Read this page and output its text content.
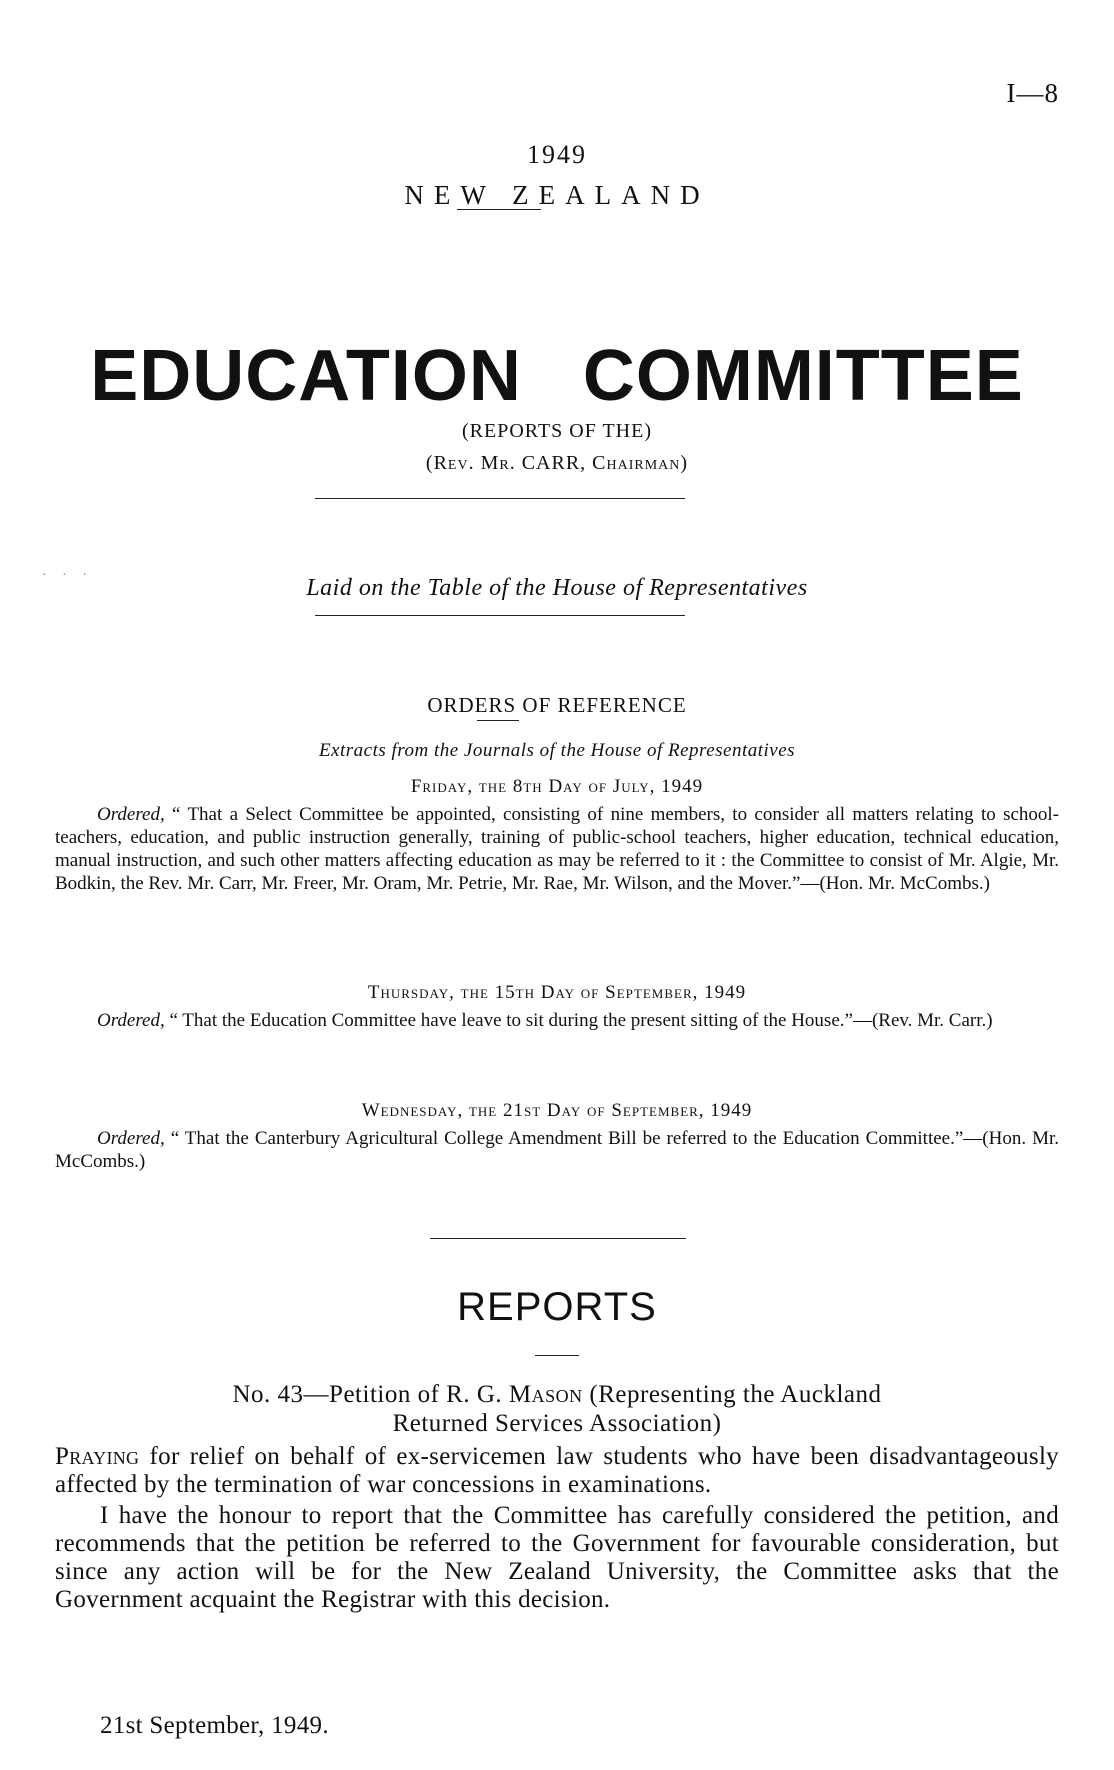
I—8
1949
NEW ZEALAND
EDUCATION COMMITTEE
(REPORTS OF THE)
(Rev. Mr. CARR, Chairman)
· · ·	Laid on the Table of the House of Representatives
ORDERS OF REFERENCE
Extracts from the Journals of the House of Representatives
Friday, the 8th Day of July, 1949

Ordered, “ That a Select Committee be appointed, consisting of nine members, to consider all matters relating to school-teachers, education, and public instruction generally, training of public-school teachers, higher education, technical education, manual instruction, and such other matters affecting education as may be referred to it : the Committee to consist of Mr. Algie, Mr. Bodkin, the Rev. Mr. Carr, Mr. Freer, Mr. Oram, Mr. Petrie, Mr. Rae, Mr. Wilson, and the Mover.”—(Hon. Mr. McCombs.)

Thursday, the 15th Day of September, 1949

Ordered, “ That the Education Committee have leave to sit during the present sitting of the House.”—(Rev. Mr. Carr.)

Wednesday, the 21st Day of September, 1949

Ordered, “ That the Canterbury Agricultural College Amendment Bill be referred to the Education Committee.”—(Hon. Mr. McCombs.)

REPORTS
No. 43—Petition of R. G. Mason (Representing the Auckland
Returned Services Association)

Praying for relief on behalf of ex-servicemen law students who have been disadvantageously affected by the termination of war concessions in examinations.

I have the honour to report that the Committee has carefully considered the petition, and recommends that the petition be referred to the Government for favourable consideration, but since any action will be for the New Zealand University, the Committee asks that the Government acquaint the Registrar with this decision.

21st September, 1949.
